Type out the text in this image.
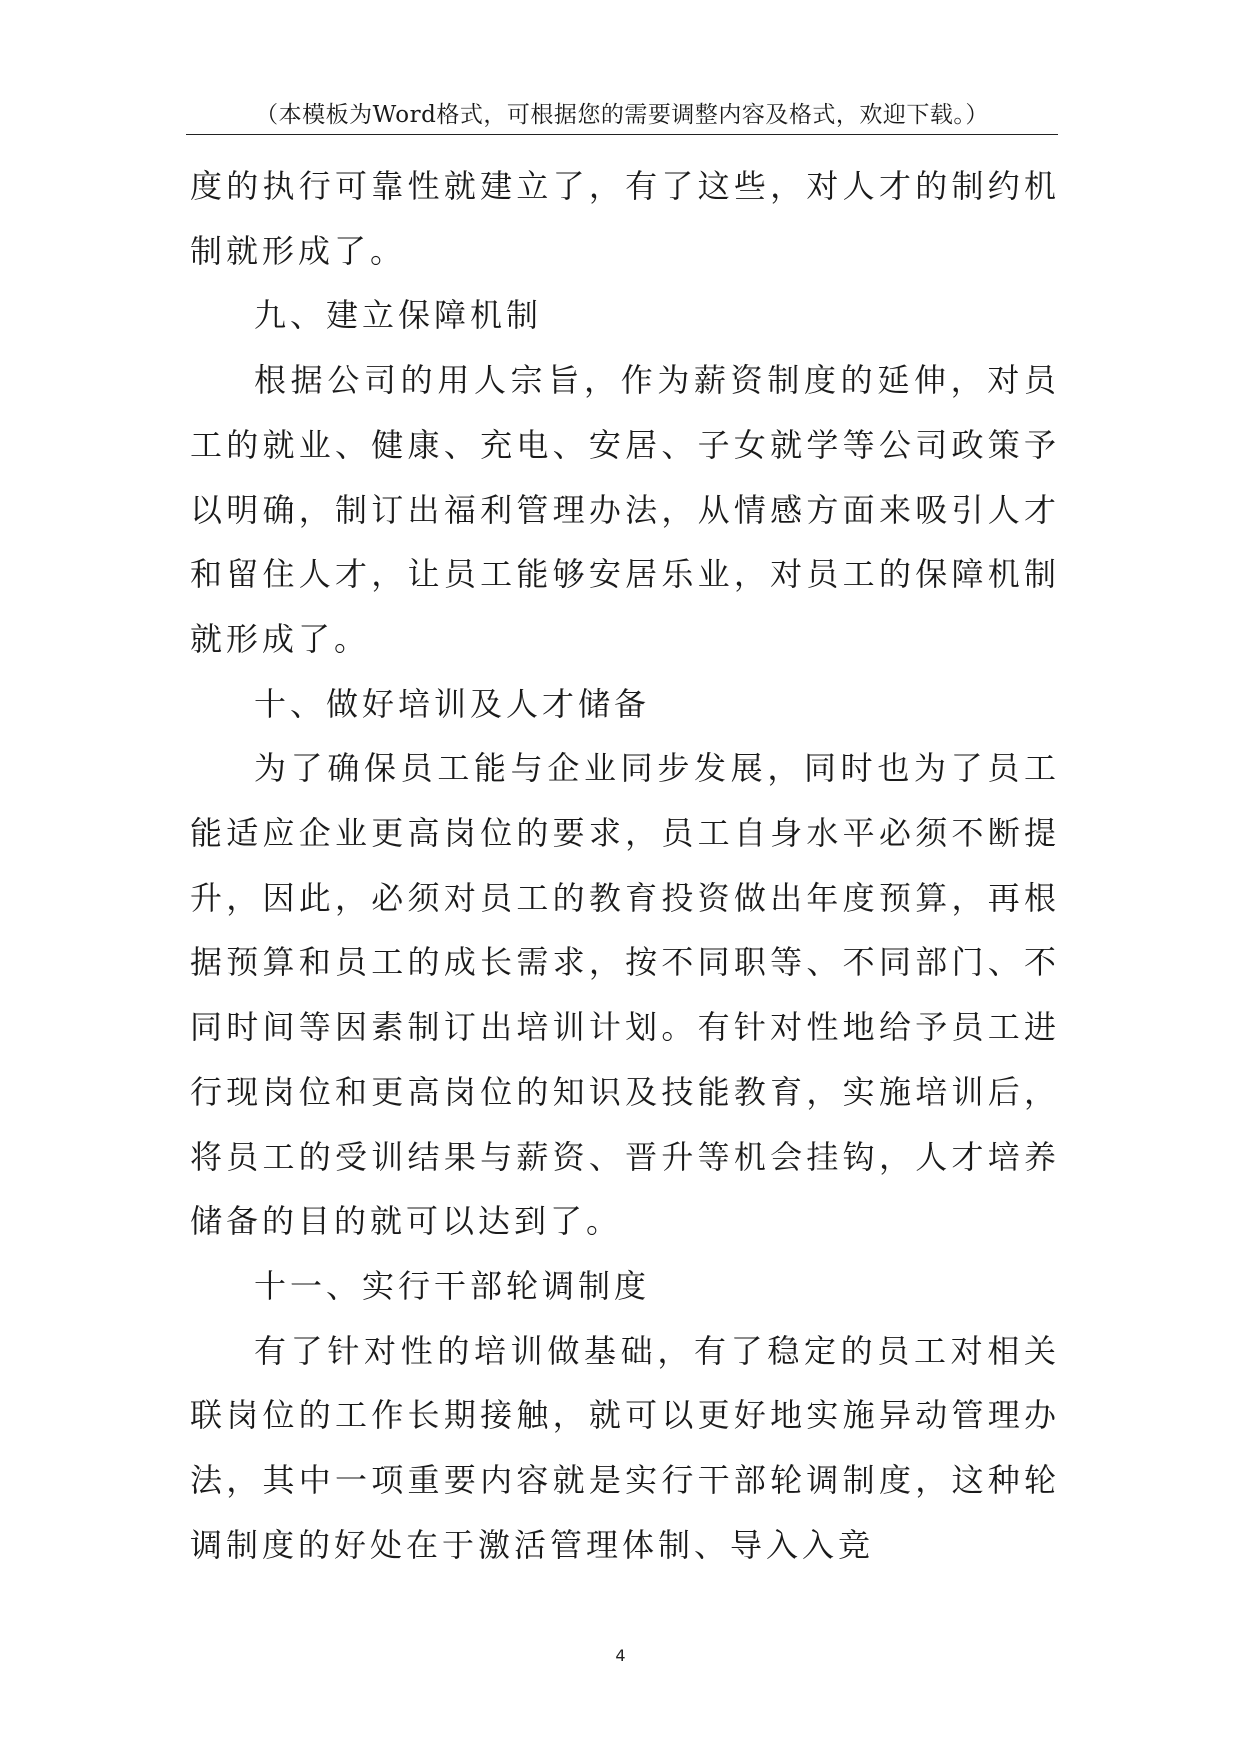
（本模板为Word格式，可根据您的需要调整内容及格式，欢迎下载。）

度的执行可靠性就建立了，有了这些，对人才的制约机制就形成了。

九、建立保障机制

根据公司的用人宗旨，作为薪资制度的延伸，对员工的就业、健康、充电、安居、子女就学等公司政策予以明确，制订出福利管理办法，从情感方面来吸引人才和留住人才，让员工能够安居乐业，对员工的保障机制就形成了。

十、做好培训及人才储备

为了确保员工能与企业同步发展，同时也为了员工能适应企业更高岗位的要求，员工自身水平必须不断提升，因此，必须对员工的教育投资做出年度预算，再根据预算和员工的成长需求，按不同职等、不同部门、不同时间等因素制订出培训计划。有针对性地给予员工进行现岗位和更高岗位的知识及技能教育，实施培训后，将员工的受训结果与薪资、晋升等机会挂钩，人才培养储备的目的就可以达到了。

十一、实行干部轮调制度

有了针对性的培训做基础，有了稳定的员工对相关联岗位的工作长期接触，就可以更好地实施异动管理办法，其中一项重要内容就是实行干部轮调制度，这种轮调制度的好处在于激活管理体制、导入入竞

4
